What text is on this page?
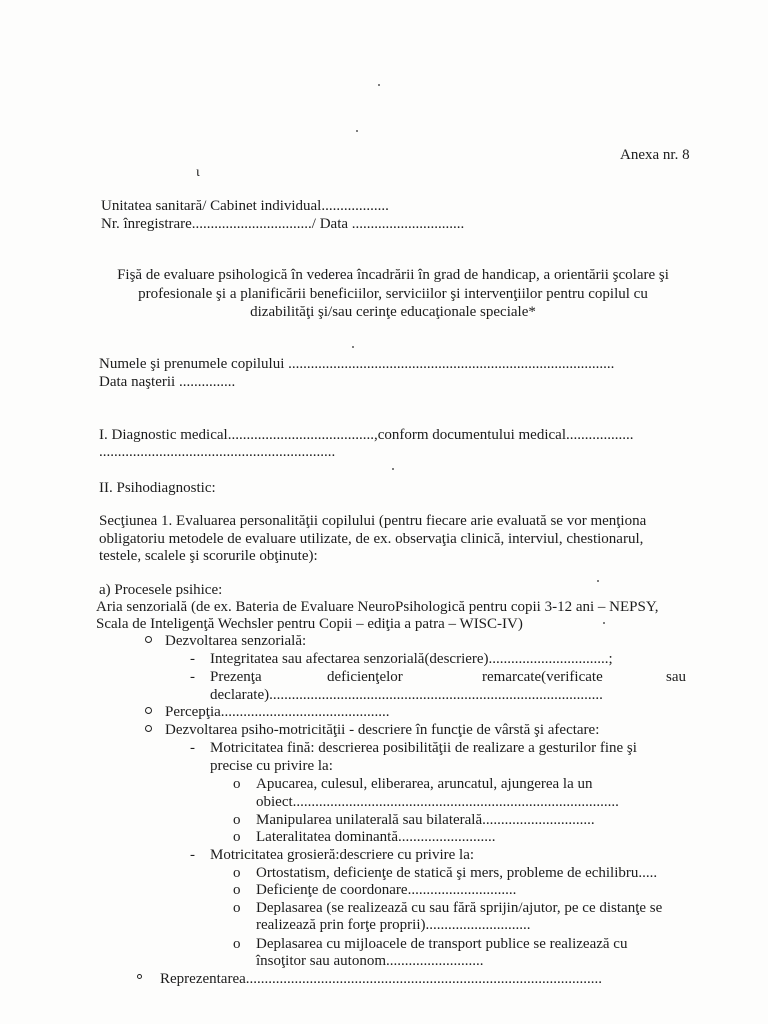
ɩ
Anexa nr. 8
Unitatea sanitară/ Cabinet individual..................
Nr. înregistrare................................/ Data ..............................
Fişă de evaluare psihologică în vederea încadrării în grad de handicap, a orientării şcolare şi
profesionale şi a planificării beneficiilor, serviciilor şi intervenţiilor pentru copilul cu
dizabilităţi şi/sau cerinţe educaţionale speciale*
Numele şi prenumele copilului .......................................................................................
Data naşterii ...............
I. Diagnostic medical.......................................,conform documentului medical..................
...............................................................
II. Psihodiagnostic:
Secţiunea 1. Evaluarea personalităţii copilului (pentru fiecare arie evaluată se vor menţiona
obligatoriu metodele de evaluare utilizate, de ex. observaţia clinică, interviul, chestionarul,
testele, scalele şi scorurile obţinute):
a) Procesele psihice:
Aria senzorială (de ex. Bateria de Evaluare NeuroPsihologică pentru copii 3-12 ani – NEPSY,
Scala de Inteligenţă Wechsler pentru Copii – ediţia a patra – WISC-IV)
Dezvoltarea senzorială:
- Integritatea sau afectarea senzorială(descriere)................................;
- Prezenţa	deficienţelor	remarcate(verificate	sau
declarate).........................................................................................
Percepţia.............................................
Dezvoltarea psiho-motricităţii - descriere în funcţie de vârstă şi afectare:
- Motricitatea fină: descrierea posibilităţii de realizare a gesturilor fine şi
precise cu privire la:
o Apucarea, culesul, eliberarea, aruncatul, ajungerea la un
obiect.......................................................................................
o Manipularea unilaterală sau bilaterală..............................
o Lateralitatea dominantă..........................
- Motricitatea grosieră:descriere cu privire la:
o Ortostatism, deficienţe de statică şi mers, probleme de echilibru.....
o Deficienţe de coordonare.............................
o Deplasarea (se realizează cu sau fără sprijin/ajutor, pe ce distanţe se
realizează prin forţe proprii)............................
o Deplasarea cu mijloacele de transport publice se realizează cu
însoţitor sau autonom..........................
Reprezentarea...............................................................................................
